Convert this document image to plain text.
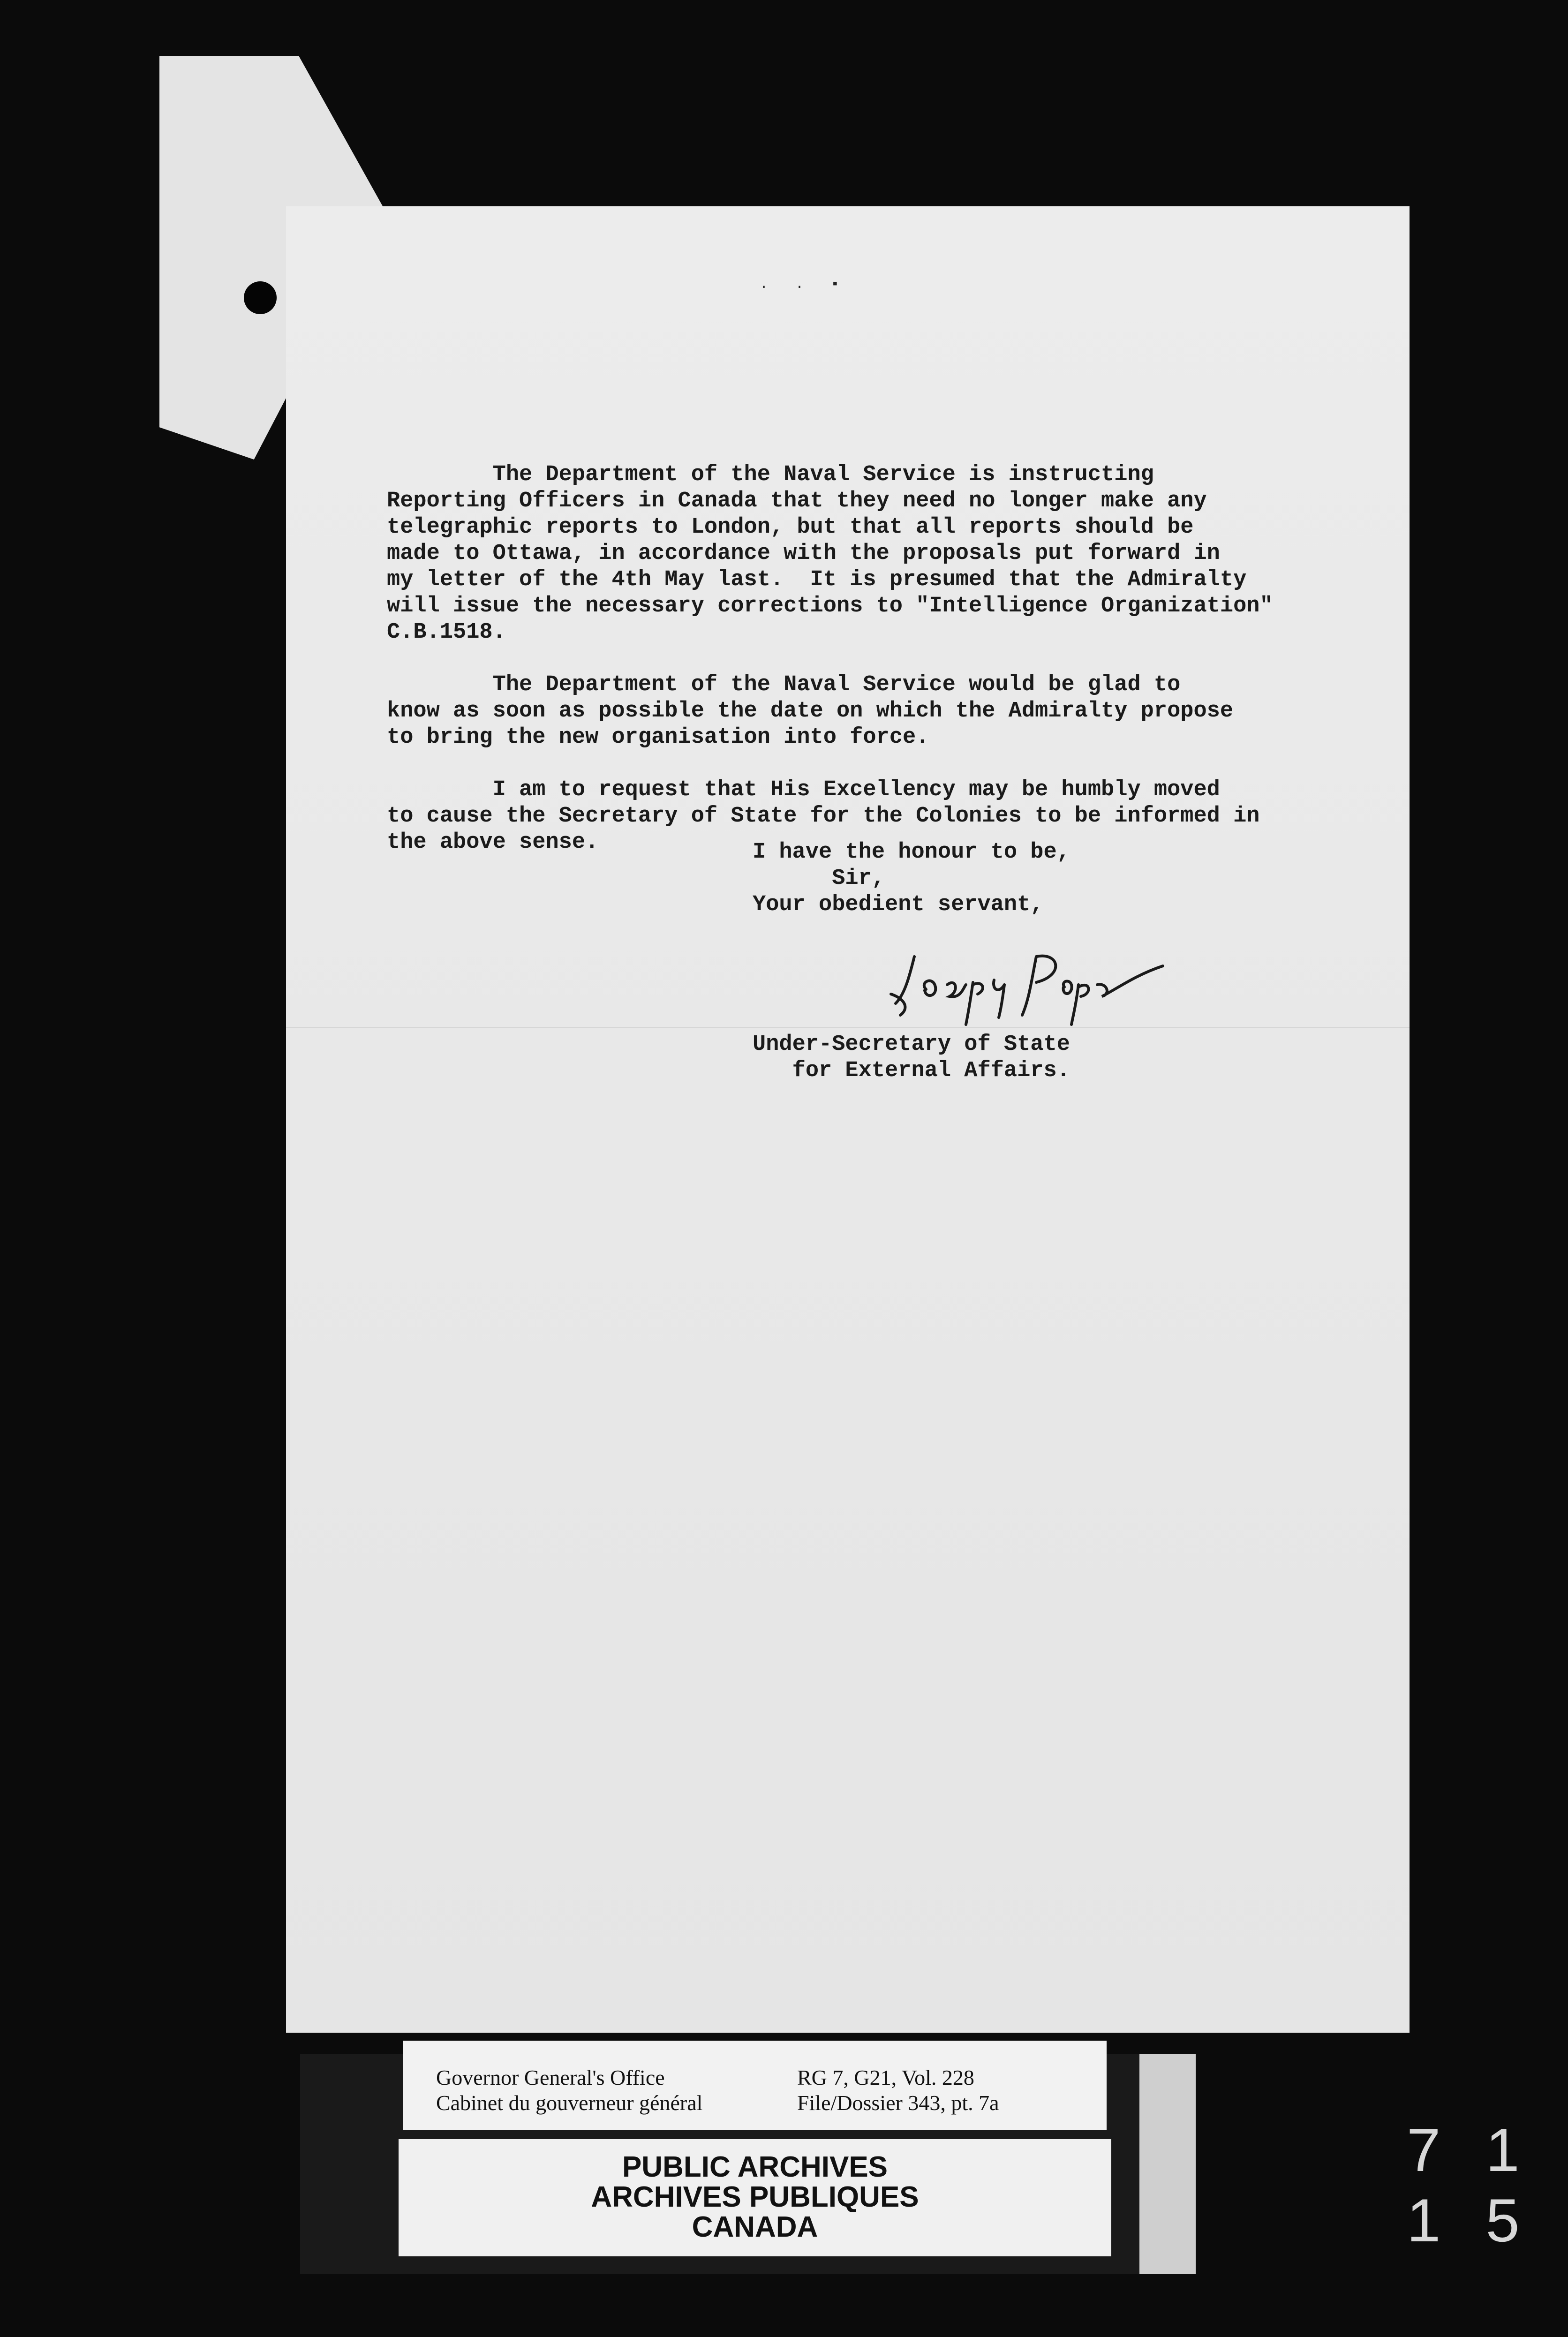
. . ▪

The Department of the Naval Service is instructing
Reporting Officers in Canada that they need no longer make any
telegraphic reports to London, but that all reports should be
made to Ottawa, in accordance with the proposals put forward in
my letter of the 4th May last.  It is presumed that the Admiralty
will issue the necessary corrections to "Intelligence Organization"
C.B.1518.

The Department of the Naval Service would be glad to
know as soon as possible the date on which the Admiralty propose
to bring the new organisation into force.

I am to request that His Excellency may be humbly moved
to cause the Secretary of State for the Colonies to be informed in
the above sense.	I have the honour to be,
Sir,
Your obedient servant,
Under-Secretary of State
for External Affairs.
Governor General's Office
Cabinet du gouverneur général
RG 7, G21, Vol. 228
File/Dossier 343, pt. 7a
PUBLIC ARCHIVES
ARCHIVES PUBLIQUES
CANADA
7 1 1 5
